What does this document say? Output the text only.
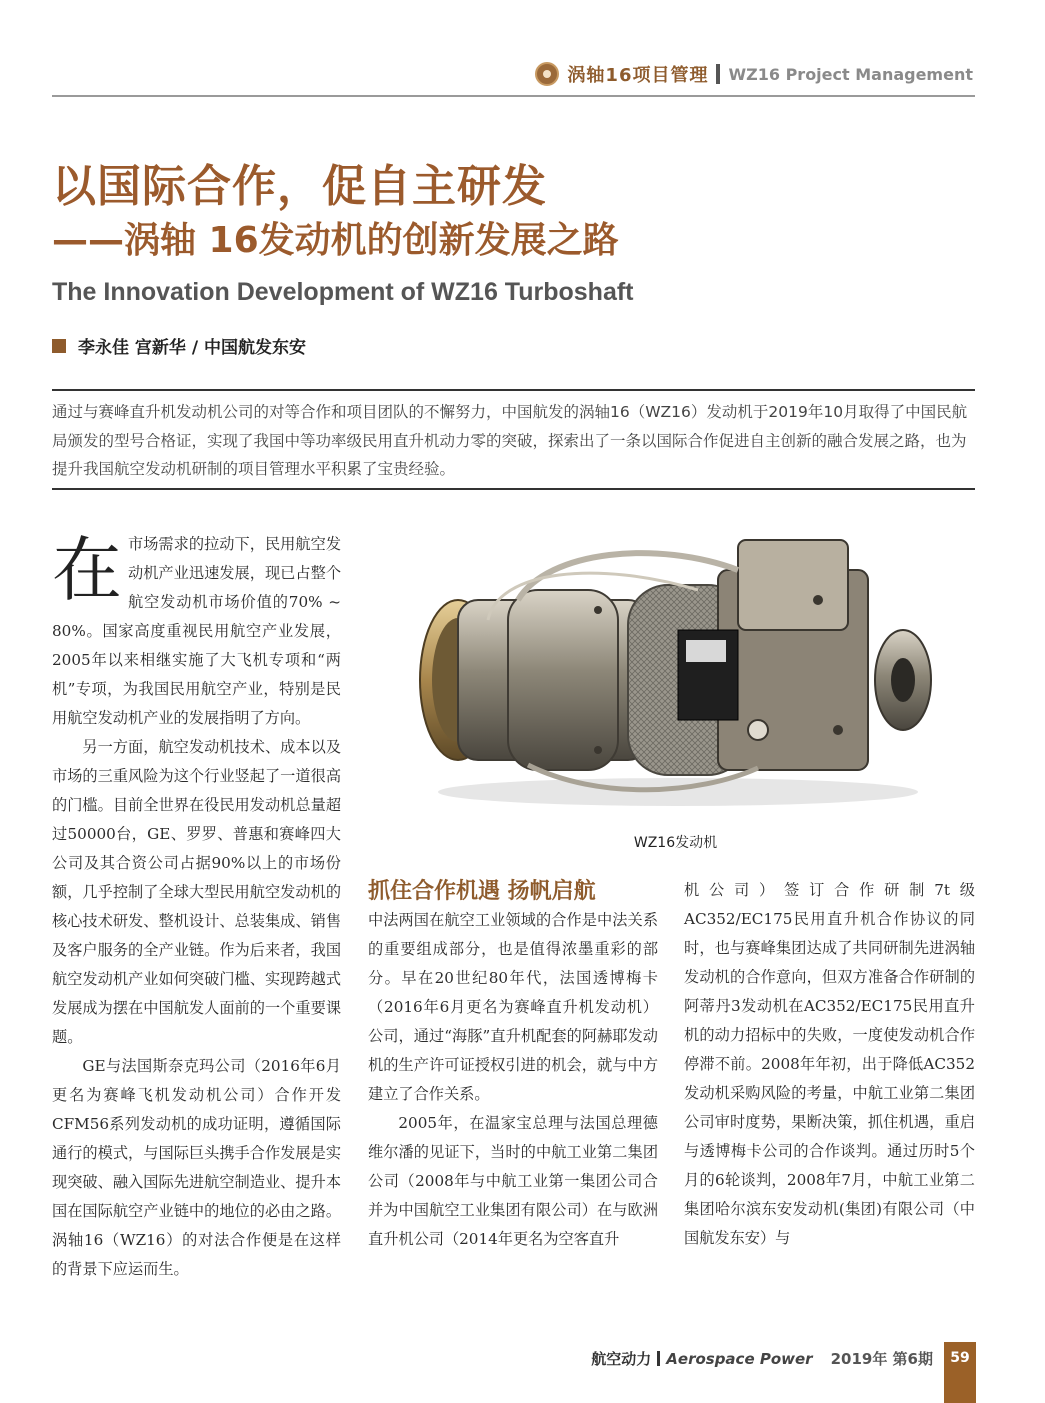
涡轴16项目管理 WZ16 Project Management
以国际合作，促自主研发
——涡轴 16发动机的创新发展之路
The Innovation Development of WZ16 Turboshaft
李永佳 宫新华 / 中国航发东安
通过与赛峰直升机发动机公司的对等合作和项目团队的不懈努力，中国航发的涡轴16（WZ16）发动机于2019年10月取得了中国民航局颁发的型号合格证，实现了我国中等功率级民用直升机动力零的突破，探索出了一条以国际合作促进自主创新的融合发展之路，也为提升我国航空发动机研制的项目管理水平积累了宝贵经验。

在市场需求的拉动下，民用航空发动机产业迅速发展，现已占整个航空发动机市场价值的70% ~ 80%。国家高度重视民用航空产业发展，2005年以来相继实施了大飞机专项和“两机”专项，为我国民用航空产业，特别是民用航空发动机产业的发展指明了方向。

另一方面，航空发动机技术、成本以及市场的三重风险为这个行业竖起了一道很高的门槛。目前全世界在役民用发动机总量超过50000台，GE、罗罗、普惠和赛峰四大公司及其合资公司占据90%以上的市场份额，几乎控制了全球大型民用航空发动机的核心技术研发、整机设计、总装集成、销售及客户服务的全产业链。作为后来者，我国航空发动机产业如何突破门槛、实现跨越式发展成为摆在中国航发人面前的一个重要课题。

GE与法国斯奈克玛公司（2016年6月更名为赛峰飞机发动机公司）合作开发CFM56系列发动机的成功证明，遵循国际通行的模式，与国际巨头携手合作发展是实现突破、融入国际先进航空制造业、提升本国在国际航空产业链中的地位的必由之路。涡轴16（WZ16）的对法合作便是在这样的背景下应运而生。

WZ16发动机
抓住合作机遇 扬帆启航

中法两国在航空工业领域的合作是中法关系的重要组成部分，也是值得浓墨重彩的部分。早在20世纪80年代，法国透博梅卡（2016年6月更名为赛峰直升机发动机）公司，通过“海豚”直升机配套的阿赫耶发动机的生产许可证授权引进的机会，就与中方建立了合作关系。

2005年，在温家宝总理与法国总理德维尔潘的见证下，当时的中航工业第二集团公司（2008年与中航工业第一集团公司合并为中国航空工业集团有限公司）在与欧洲直升机公司（2014年更名为空客直升

机公司）签订合作研制7t级AC352/EC175民用直升机合作协议的同时，也与赛峰集团达成了共同研制先进涡轴发动机的合作意向，但双方准备合作研制的阿蒂丹3发动机在AC352/EC175民用直升机的动力招标中的失败，一度使发动机合作停滞不前。2008年年初，出于降低AC352发动机采购风险的考量，中航工业第二集团公司审时度势，果断决策，抓住机遇，重启与透博梅卡公司的合作谈判。通过历时5个月的6轮谈判，2008年7月，中航工业第二集团哈尔滨东安发动机(集团)有限公司（中国航发东安）与

航空动力 Aerospace Power 2019年 第6期	59
